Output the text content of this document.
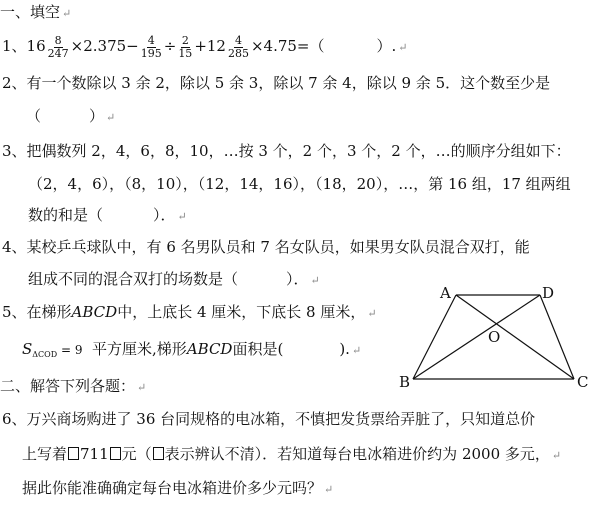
一、填空 ↵
1、$16 \frac{8}{247} \times 2.375- \frac{4}{195} \div \frac{2}{15} +12 \frac{4}{285} \times 4.75=$（	）. ↵
2、有一个数除以 3 余 2，除以 5 余 3，除以 7 余 4，除以 9 余 5．这个数至少是
（	） ↵
3、把偶数列 2，4，6，8，10，…按 3 个，2 个，3 个，2 个，…的顺序分组如下：
（2，4，6），（8，10），（12，14，16），（18，20），…，第 16 组，17 组两组
数的和是（	）． ↵
4、某校乒乓球队中，有 6 名男队员和 7 名女队员，如果男女队员混合双打，能
组成不同的混合双打的场数是（	）． ↵
5、在梯形ABCD中，上底长 4 厘米，下底长 8 厘米， ↵
$S_{\Delta COD} = 9$ 平方厘米,梯形ABCD面积是(	). ↵
A	D
O
B	C
二、解答下列各题： ↵
6、万兴商场购进了 36 台同规格的电冰箱，不慎把发货票给弄脏了，只知道总价
上写着 711 元（ 表示辨认不清）．若知道每台电冰箱进价约为 2000 多元， ↵
据此你能准确确定每台电冰箱进价多少元吗？ ↵
